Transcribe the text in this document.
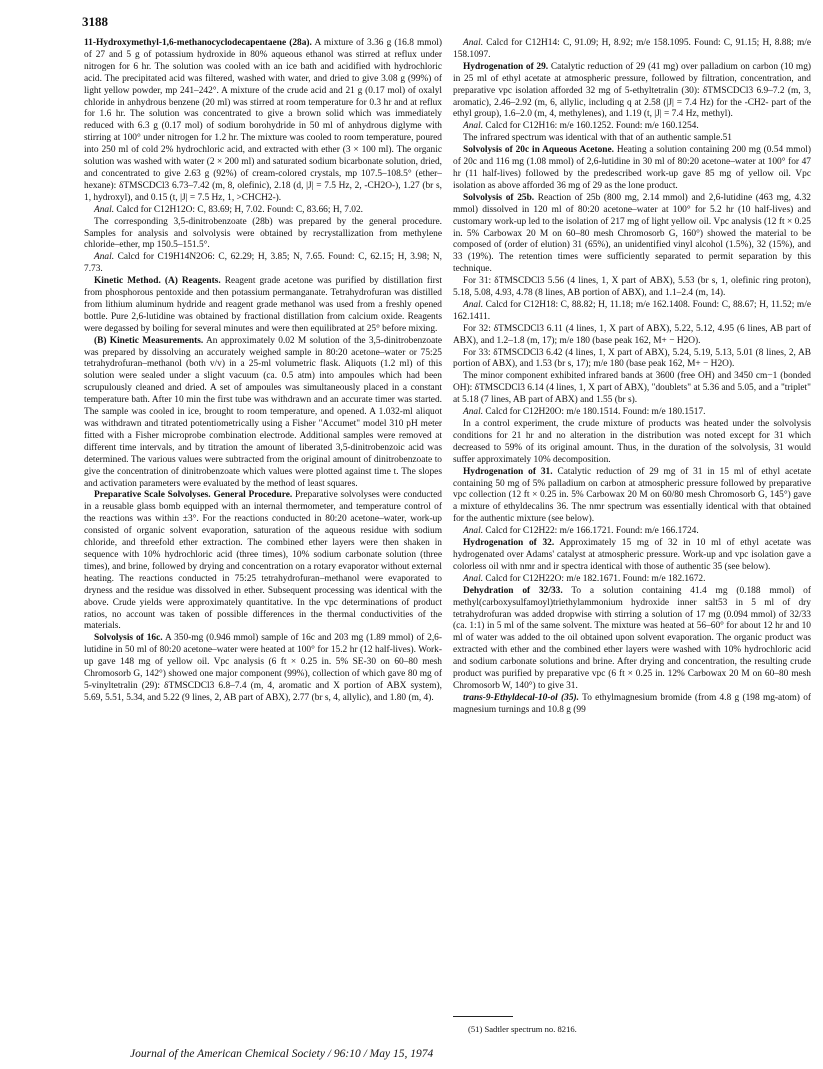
3188

11-Hydroxymethyl-1,6-methanocyclodecapentaene (28a). A mixture of 3.36 g (16.8 mmol) of 27 and 5 g of potassium hydroxide in 80% aqueous ethanol was stirred at reflux under nitrogen for 6 hr. The solution was cooled with an ice bath and acidified with hydrochloric acid. The precipitated acid was filtered, washed with water, and dried to give 3.08 g (99%) of light yellow powder, mp 241–242°. A mixture of the crude acid and 21 g (0.17 mol) of oxalyl chloride in anhydrous benzene (20 ml) was stirred at room temperature for 0.3 hr and at reflux for 1.6 hr. The solution was concentrated to give a brown solid which was immediately reduced with 6.3 g (0.17 mol) of sodium borohydride in 50 ml of anhydrous diglyme with stirring at 100° under nitrogen for 1.2 hr. The mixture was cooled to room temperature, poured into 250 ml of cold 2% hydrochloric acid, and extracted with ether (3 × 100 ml). The organic solution was washed with water (2 × 200 ml) and saturated sodium bicarbonate solution, dried, and concentrated to give 2.63 g (92%) of cream-colored crystals, mp 107.5–108.5° (ether–hexane): δTMSCDCl3 6.73–7.42 (m, 8, olefinic), 2.18 (d, |J| = 7.5 Hz, 2, -CH2O-), 1.27 (br s, 1, hydroxyl), and 0.15 (t, |J| = 7.5 Hz, 1, >CHCH2-).

Anal. Calcd for C12H12O: C, 83.69; H, 7.02. Found: C, 83.66; H, 7.02.

The corresponding 3,5-dinitrobenzoate (28b) was prepared by the general procedure. Samples for analysis and solvolysis were obtained by recrystallization from methylene chloride–ether, mp 150.5–151.5°.

Anal. Calcd for C19H14N2O6: C, 62.29; H, 3.85; N, 7.65. Found: C, 62.15; H, 3.98; N, 7.73.

Kinetic Method. (A) Reagents. Reagent grade acetone was purified by distillation first from phosphorous pentoxide and then potassium permanganate. Tetrahydrofuran was distilled from lithium aluminum hydride and reagent grade methanol was used from a freshly opened bottle. Pure 2,6-lutidine was obtained by fractional distillation from calcium oxide. Reagents were degassed by boiling for several minutes and were then equilibrated at 25° before mixing.

(B) Kinetic Measurements. An approximately 0.02 M solution of the 3,5-dinitrobenzoate was prepared by dissolving an accurately weighed sample in 80:20 acetone–water or 75:25 tetrahydrofuran–methanol (both v/v) in a 25-ml volumetric flask. Aliquots (1.2 ml) of this solution were sealed under a slight vacuum (ca. 0.5 atm) into ampoules which had been scrupulously cleaned and dried. A set of ampoules was simultaneously placed in a constant temperature bath. After 10 min the first tube was withdrawn and an accurate timer was started. The sample was cooled in ice, brought to room temperature, and opened. A 1.032-ml aliquot was withdrawn and titrated potentiometrically using a Fisher "Accumet" model 310 pH meter fitted with a Fisher microprobe combination electrode. Additional samples were removed at different time intervals, and by titration the amount of liberated 3,5-dinitrobenzoic acid was determined. The various values were subtracted from the original amount of dinitrobenzoate to give the concentration of dinitrobenzoate which values were plotted against time t. The slopes and activation parameters were evaluated by the method of least squares.

Preparative Scale Solvolyses. General Procedure. Preparative solvolyses were conducted in a reusable glass bomb equipped with an internal thermometer, and temperature control of the reactions was within ±3°. For the reactions conducted in 80:20 acetone–water, work-up consisted of organic solvent evaporation, saturation of the aqueous residue with sodium chloride, and threefold ether extraction. The combined ether layers were then shaken in sequence with 10% hydrochloric acid (three times), 10% sodium carbonate solution (three times), and brine, followed by drying and concentration on a rotary evaporator without external heating. The reactions conducted in 75:25 tetrahydrofuran–methanol were evaporated to dryness and the residue was dissolved in ether. Subsequent processing was identical with the above. Crude yields were approximately quantitative. In the vpc determinations of product ratios, no account was taken of possible differences in the thermal conductivities of the materials.

Solvolysis of 16c. A 350-mg (0.946 mmol) sample of 16c and 203 mg (1.89 mmol) of 2,6-lutidine in 50 ml of 80:20 acetone–water were heated at 100° for 15.2 hr (12 half-lives). Work-up gave 148 mg of yellow oil. Vpc analysis (6 ft × 0.25 in. 5% SE-30 on 60–80 mesh Chromosorb G, 142°) showed one major component (99%), collection of which gave 80 mg of 5-vinyltetralin (29): δTMSCDCl3 6.8–7.4 (m, 4, aromatic and X portion of ABX system), 5.69, 5.51, 5.34, and 5.22 (9 lines, 2, AB part of ABX), 2.77 (br s, 4, allylic), and 1.80 (m, 4).

Anal. Calcd for C12H14: C, 91.09; H, 8.92; m/e 158.1095. Found: C, 91.15; H, 8.88; m/e 158.1097.

Hydrogenation of 29. Catalytic reduction of 29 (41 mg) over palladium on carbon (10 mg) in 25 ml of ethyl acetate at atmospheric pressure, followed by filtration, concentration, and preparative vpc isolation afforded 32 mg of 5-ethyltetralin (30): δTMSCDCl3 6.9–7.2 (m, 3, aromatic), 2.46–2.92 (m, 6, allylic, including q at 2.58 (|J| = 7.4 Hz) for the -CH2- part of the ethyl group), 1.6–2.0 (m, 4, methylenes), and 1.19 (t, |J| = 7.4 Hz, methyl).

Anal. Calcd for C12H16: m/e 160.1252. Found: m/e 160.1254.

The infrared spectrum was identical with that of an authentic sample.51

Solvolysis of 20c in Aqueous Acetone. Heating a solution containing 200 mg (0.54 mmol) of 20c and 116 mg (1.08 mmol) of 2,6-lutidine in 30 ml of 80:20 acetone–water at 100° for 47 hr (11 half-lives) followed by the predescribed work-up gave 85 mg of yellow oil. Vpc isolation as above afforded 36 mg of 29 as the lone product.

Solvolysis of 25b. Reaction of 25b (800 mg, 2.14 mmol) and 2,6-lutidine (463 mg, 4.32 mmol) dissolved in 120 ml of 80:20 acetone–water at 100° for 5.2 hr (10 half-lives) and customary work-up led to the isolation of 217 mg of light yellow oil. Vpc analysis (12 ft × 0.25 in. 5% Carbowax 20 M on 60–80 mesh Chromosorb G, 160°) showed the material to be composed of (order of elution) 31 (65%), an unidentified vinyl alcohol (1.5%), 32 (15%), and 33 (19%). The retention times were sufficiently separated to permit separation by this technique.

For 31: δTMSCDCl3 5.56 (4 lines, 1, X part of ABX), 5.53 (br s, 1, olefinic ring proton), 5.18, 5.08, 4.93, 4.78 (8 lines, AB portion of ABX), and 1.1–2.4 (m, 14).

Anal. Calcd for C12H18: C, 88.82; H, 11.18; m/e 162.1408. Found: C, 88.67; H, 11.52; m/e 162.1411.

For 32: δTMSCDCl3 6.11 (4 lines, 1, X part of ABX), 5.22, 5.12, 4.95 (6 lines, AB part of ABX), and 1.2–1.8 (m, 17); m/e 180 (base peak 162, M+ − H2O).

For 33: δTMSCDCl3 6.42 (4 lines, 1, X part of ABX), 5.24, 5.19, 5.13, 5.01 (8 lines, 2, AB portion of ABX), and 1.53 (br s, 17); m/e 180 (base peak 162, M+ − H2O).

The minor component exhibited infrared bands at 3600 (free OH) and 3450 cm−1 (bonded OH): δTMSCDCl3 6.14 (4 lines, 1, X part of ABX), "doublets" at 5.36 and 5.05, and a "triplet" at 5.18 (7 lines, AB part of ABX) and 1.55 (br s).

Anal. Calcd for C12H20O: m/e 180.1514. Found: m/e 180.1517.

In a control experiment, the crude mixture of products was heated under the solvolysis conditions for 21 hr and no alteration in the distribution was noted except for 31 which decreased to 59% of its original amount. Thus, in the duration of the solvolysis, 31 would suffer approximately 10% decomposition.

Hydrogenation of 31. Catalytic reduction of 29 mg of 31 in 15 ml of ethyl acetate containing 50 mg of 5% palladium on carbon at atmospheric pressure followed by preparative vpc collection (12 ft × 0.25 in. 5% Carbowax 20 M on 60/80 mesh Chromosorb G, 145°) gave a mixture of ethyldecalins 36. The nmr spectrum was essentially identical with that obtained for the authentic mixture (see below).

Anal. Calcd for C12H22: m/e 166.1721. Found: m/e 166.1724.

Hydrogenation of 32. Approximately 15 mg of 32 in 10 ml of ethyl acetate was hydrogenated over Adams' catalyst at atmospheric pressure. Work-up and vpc isolation gave a colorless oil with nmr and ir spectra identical with those of authentic 35 (see below).

Anal. Calcd for C12H22O: m/e 182.1671. Found: m/e 182.1672.

Dehydration of 32/33. To a solution containing 41.4 mg (0.188 mmol) of methyl(carboxysulfamoyl)triethylammonium hydroxide inner salt53 in 5 ml of dry tetrahydrofuran was added dropwise with stirring a solution of 17 mg (0.094 mmol) of 32/33 (ca. 1:1) in 5 ml of the same solvent. The mixture was heated at 56–60° for about 12 hr and 10 ml of water was added to the oil obtained upon solvent evaporation. The organic product was extracted with ether and the combined ether layers were washed with 10% hydrochloric acid and sodium carbonate solutions and brine. After drying and concentration, the resulting crude product was purified by preparative vpc (6 ft × 0.25 in. 12% Carbowax 20 M on 60–80 mesh Chromosorb W, 140°) to give 31.

trans-9-Ethyldecal-10-ol (35). To ethylmagnesium bromide (from 4.8 g (198 mg-atom) of magnesium turnings and 10.8 g (99

(51) Sadtler spectrum no. 8216.
Journal of the American Chemical Society / 96:10 / May 15, 1974
